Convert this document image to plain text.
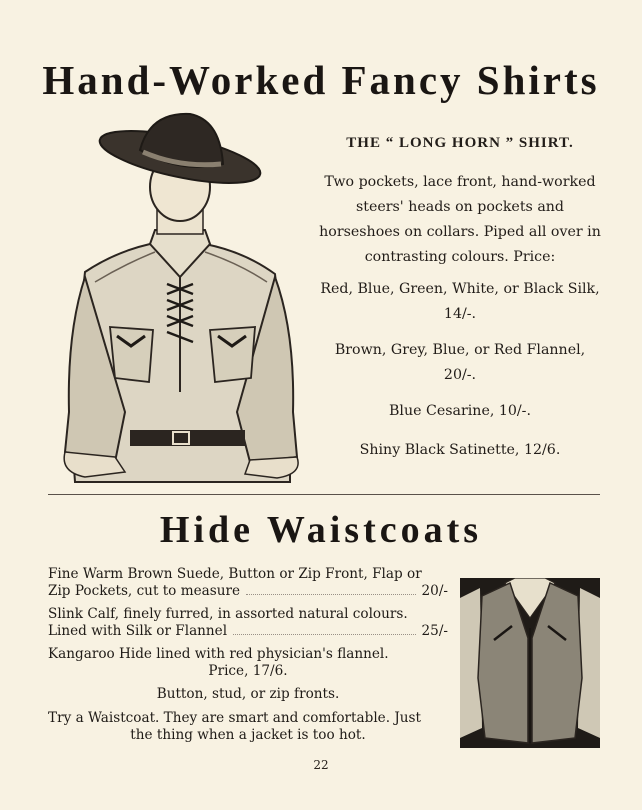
Hand-Worked Fancy Shirts

THE “ LONG HORN ” SHIRT.

Two pockets, lace front, hand-worked steers' heads on pockets and horseshoes on collars. Piped all over in contrasting colours. Price:

Red, Blue, Green, White, or Black Silk, 14/-.

Brown, Grey, Blue, or Red Flannel, 20/-.

Blue Cesarine, 10/-.

Shiny Black Satinette, 12/6.

Hide Waistcoats
Fine Warm Brown Suede, Button or Zip Front, Flap or
Zip Pockets, cut to measure	20/-
Slink Calf, finely furred, in assorted natural colours.
Lined with Silk or Flannel	25/-
Kangaroo Hide lined with red physician's flannel.
Price, 17/6.
Button, stud, or zip fronts.
Try a Waistcoat. They are smart and comfortable. Just
the thing when a jacket is too hot.
22
